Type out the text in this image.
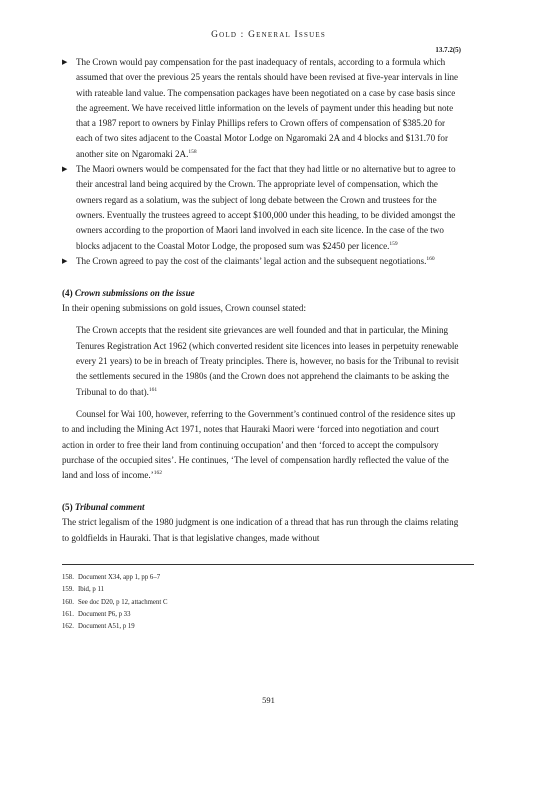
Gold : General Issues
13.7.2(5)

▶ The Crown would pay compensation for the past inadequacy of rentals, according to a formula which assumed that over the previous 25 years the rentals should have been revised at five-year intervals in line with rateable land value. The compensation packages have been negotiated on a case by case basis since the agreement. We have received little information on the levels of payment under this heading but note that a 1987 report to owners by Finlay Phillips refers to Crown offers of compensation of $385.20 for each of two sites adjacent to the Coastal Motor Lodge on Ngaromaki 2A and 4 blocks and $131.70 for another site on Ngaromaki 2A.$^{158}$

▶ The Maori owners would be compensated for the fact that they had little or no alternative but to agree to their ancestral land being acquired by the Crown. The appropriate level of compensation, which the owners regard as a solatium, was the subject of long debate between the Crown and trustees for the owners. Eventually the trustees agreed to accept $100,000 under this heading, to be divided amongst the owners according to the proportion of Maori land involved in each site licence. In the case of the two blocks adjacent to the Coastal Motor Lodge, the proposed sum was $2450 per licence.$^{159}$

▶ The Crown agreed to pay the cost of the claimants’ legal action and the subsequent negotiations.$^{160}$

(4) Crown submissions on the issue

In their opening submissions on gold issues, Crown counsel stated:

The Crown accepts that the resident site grievances are well founded and that in particular, the Mining Tenures Registration Act 1962 (which converted resident site licences into leases in perpetuity renewable every 21 years) to be in breach of Treaty principles. There is, however, no basis for the Tribunal to revisit the settlements secured in the 1980s (and the Crown does not apprehend the claimants to be asking the Tribunal to do that).$^{161}$

Counsel for Wai 100, however, referring to the Government’s continued control of the residence sites up to and including the Mining Act 1971, notes that Hauraki Maori were ‘forced into negotiation and court action in order to free their land from continuing occupation’ and then ‘forced to accept the compulsory purchase of the occupied sites’. He continues, ‘The level of compensation hardly reflected the value of the land and loss of income.’$^{162}$

(5) Tribunal comment

The strict legalism of the 1980 judgment is one indication of a thread that has run through the claims relating to goldfields in Hauraki. That is that legislative changes, made without

158. Document X34, app 1, pp 6–7
159. Ibid, p 11
160. See doc D20, p 12, attachment C
161. Document P6, p 33
162. Document A51, p 19
591
